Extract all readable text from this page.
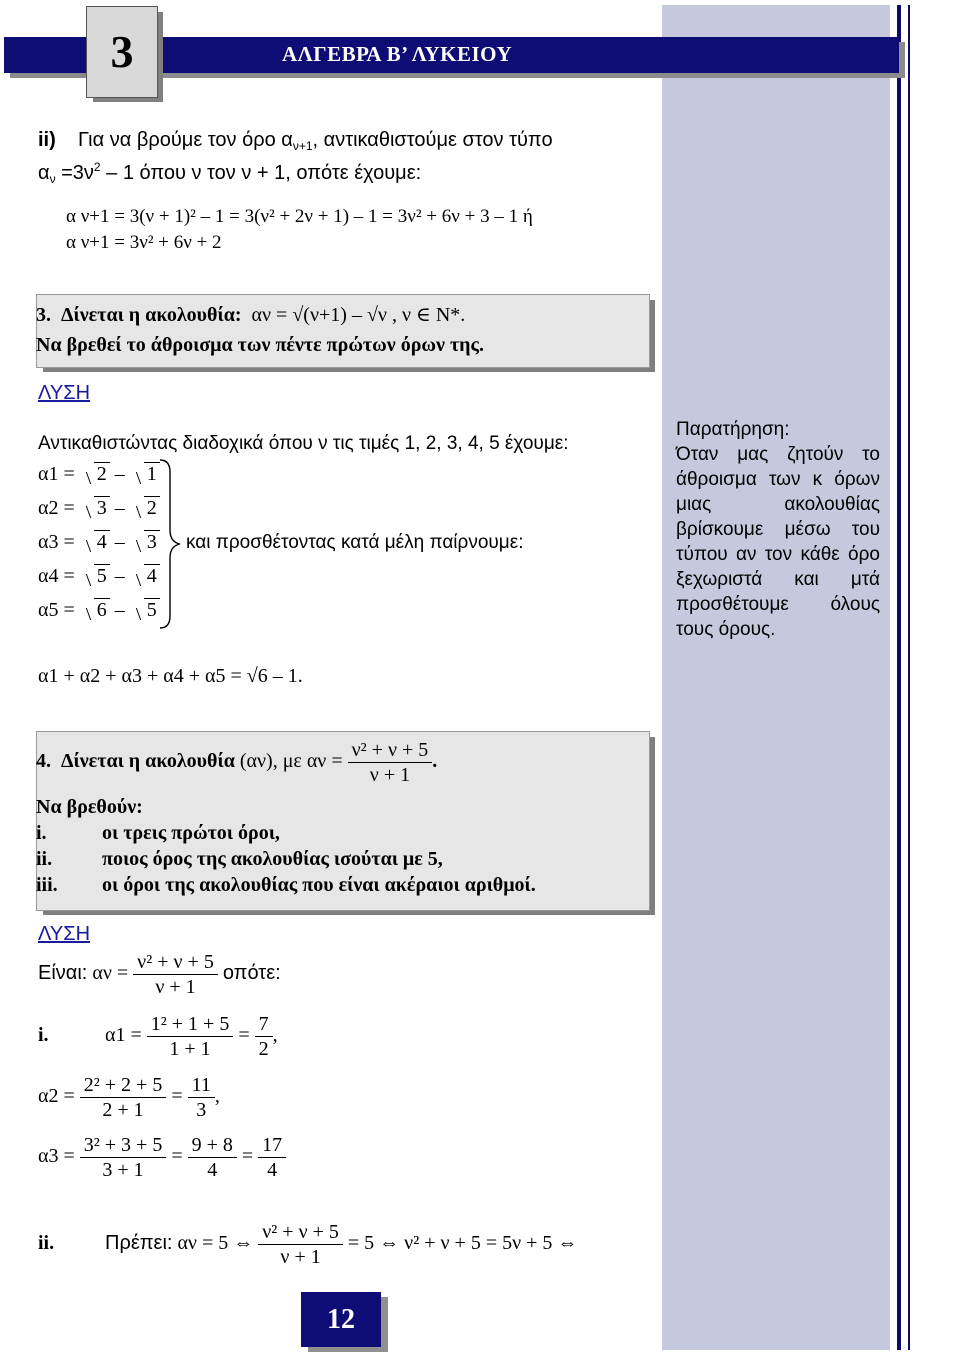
3	ΑΛΓΕΒΡΑ Β’ ΛΥΚΕΙΟΥ
ii) Για να βρούμε τον όρο $\alpha_{\nu+1}$, αντικαθιστούμε στον τύπο
$\alpha_\nu =3\nu^2 - 1$ όπου ν τον ν + 1, οπότε έχουμε:
α ν+1 = 3(ν + 1)² – 1 = 3(ν² + 2ν + 1) – 1 = 3ν² + 6ν + 3 – 1 ή
α ν+1 = 3ν² + 6ν + 2
3. Δίνεται η ακολουθία: αν = √(ν+1) – √ν , ν ∈ N*.
Να βρεθεί το άθροισμα των πέντε πρώτων όρων της.
ΛΥΣΗ
Αντικαθιστώντας διαδοχικά όπου ν τις τιμές 1, 2, 3, 4, 5 έχουμε:
α1 = 2 – 1
α2 = 3 – 2
α3 = 4 – 3
α4 = 5 – 4
α5 = 6 – 5
και προσθέτοντας κατά μέλη παίρνουμε:
α1 + α2 + α3 + α4 + α5 = √6 – 1.
Παρατήρηση:
Όταν μας ζητούν το άθροισμα των κ όρων μιας ακολουθίας βρίσκουμε μέσω του τύπου αν τον κάθε όρο ξεχωριστά και μτά προσθέτουμε όλους τους όρους.
4. Δίνεται η ακολουθία (αν), με $\alpha\nu = \frac{\text{ν² + ν + 5}}{\nu + 1}$ .
Να βρεθούν:
i.	οι τρεις πρώτοι όροι,
ii. ποιος όρος της ακολουθίας ισούται με 5,
iii. οι όροι της ακολουθίας που είναι ακέραιοι αριθμοί.
ΛΥΣΗ
Είναι: $\alpha\nu = \frac{\text{ν² + ν + 5}}{\nu + 1} o\pi ό\tau\varepsilon$:
i.	$\alpha 1 = \frac{\text{1² + 1 + 5}}{1 + 1} = \frac{7}{2}$ ,
$\alpha 2 = \frac{\text{2² + 2 + 5}}{2 + 1} = \frac{11}{3}$ ,
$\alpha 3 = \frac{\text{3² + 3 + 5}}{3 + 1} = \frac{9 + 8}{4} = \frac{17}{4}$
ii.	Πρέπει: αν = 5 ⇔ $\frac{\text{ν² + ν + 5}}{\nu + 1} = 5$ ⇔ ν² + ν + 5 = 5ν + 5 ⇔
12
